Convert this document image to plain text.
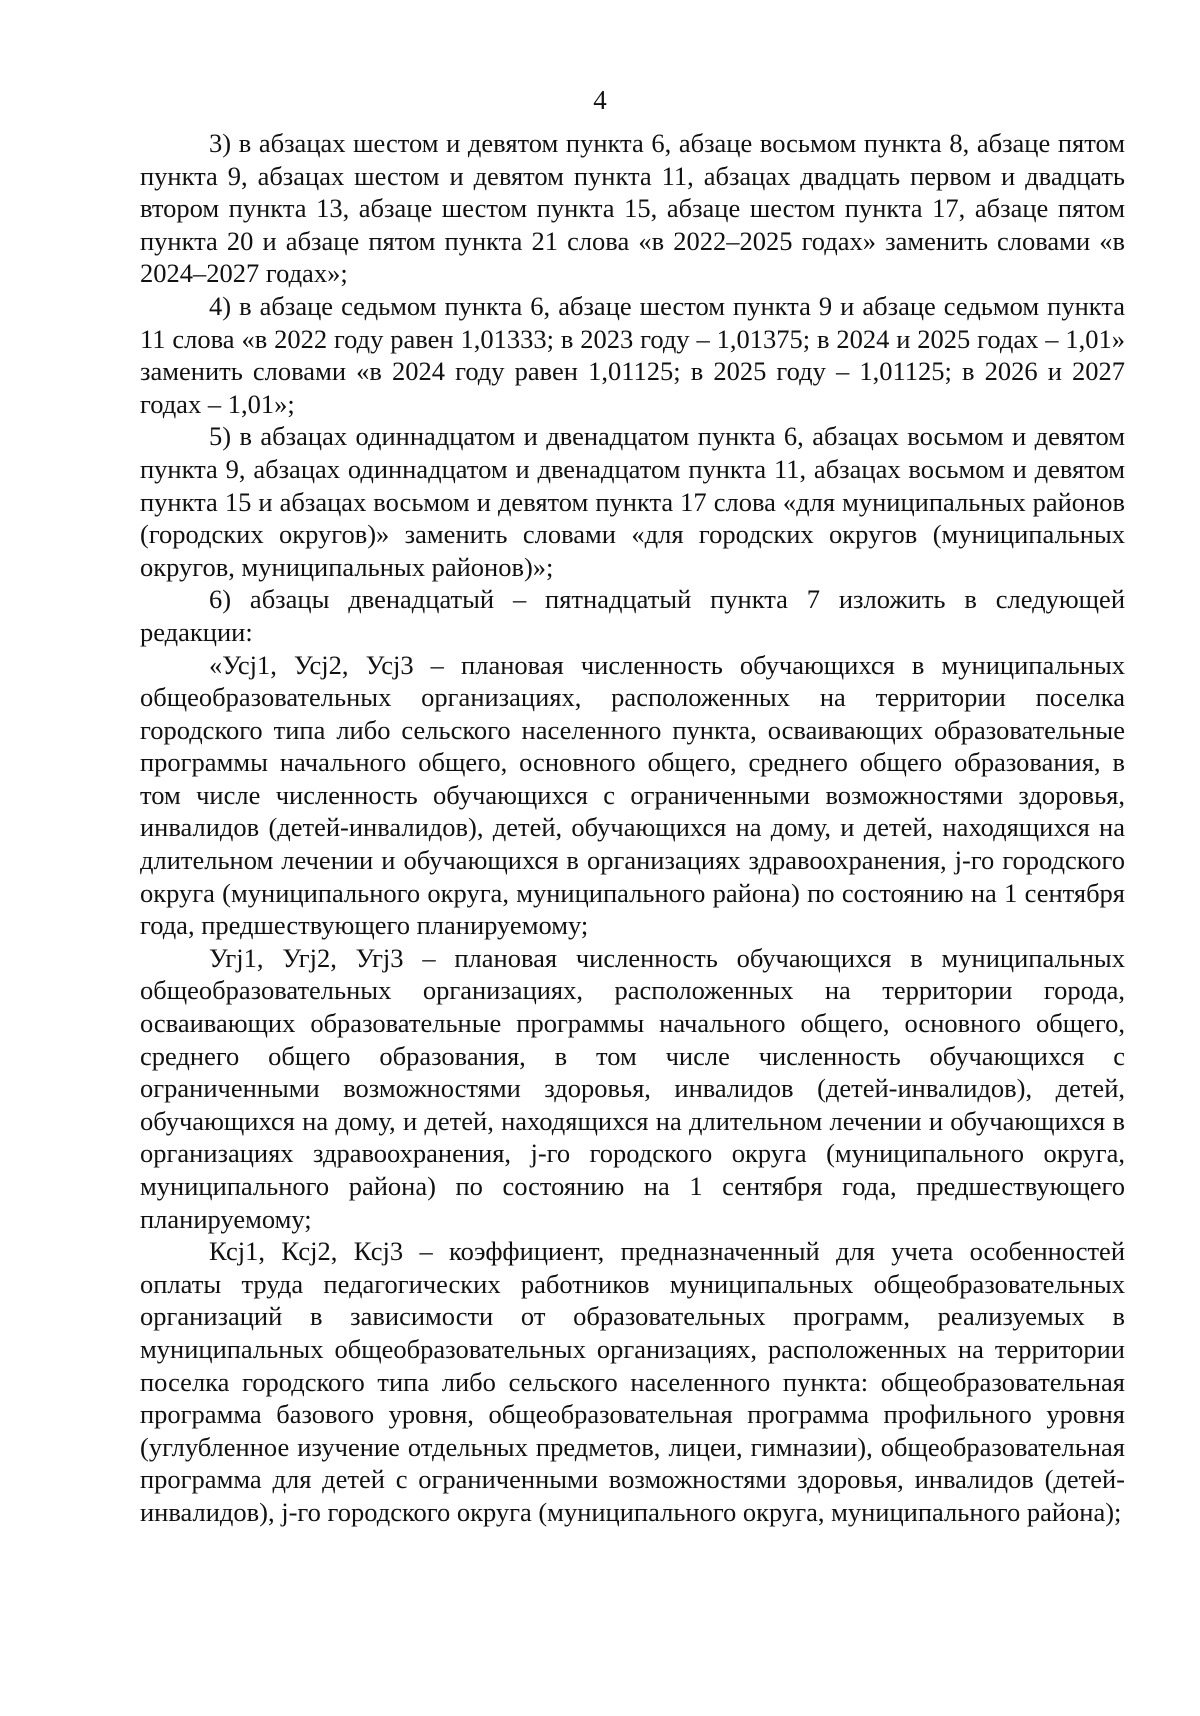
4

3) в абзацах шестом и девятом пункта 6, абзаце восьмом пункта 8, абзаце пятом пункта 9, абзацах шестом и девятом пункта 11, абзацах двадцать первом и двадцать втором пункта 13, абзаце шестом пункта 15, абзаце шестом пункта 17, абзаце пятом пункта 20 и абзаце пятом пункта 21 слова «в 2022–2025 годах» заменить словами «в 2024–2027 годах»;

4) в абзаце седьмом пункта 6, абзаце шестом пункта 9 и абзаце седьмом пункта 11 слова «в 2022 году равен 1,01333; в 2023 году – 1,01375; в 2024 и 2025 годах – 1,01» заменить словами «в 2024 году равен 1,01125; в 2025 году – 1,01125; в 2026 и 2027 годах – 1,01»;

5) в абзацах одиннадцатом и двенадцатом пункта 6, абзацах восьмом и девятом пункта 9, абзацах одиннадцатом и двенадцатом пункта 11, абзацах восьмом и девятом пункта 15 и абзацах восьмом и девятом пункта 17 слова «для муниципальных районов (городских округов)» заменить словами «для городских округов (муниципальных округов, муниципальных районов)»;

6) абзацы двенадцатый – пятнадцатый пункта 7 изложить в следующей редакции:

«Усj1, Усj2, Усj3 – плановая численность обучающихся в муниципальных общеобразовательных организациях, расположенных на территории поселка городского типа либо сельского населенного пункта, осваивающих образовательные программы начального общего, основного общего, среднего общего образования, в том числе численность обучающихся с ограниченными возможностями здоровья, инвалидов (детей-инвалидов), детей, обучающихся на дому, и детей, находящихся на длительном лечении и обучающихся в организациях здравоохранения, j-го городского округа (муниципального округа, муниципального района) по состоянию на 1 сентября года, предшествующего планируемому;

Угj1, Угj2, Угj3 – плановая численность обучающихся в муниципальных общеобразовательных организациях, расположенных на территории города, осваивающих образовательные программы начального общего, основного общего, среднего общего образования, в том числе численность обучающихся с ограниченными возможностями здоровья, инвалидов (детей-инвалидов), детей, обучающихся на дому, и детей, находящихся на длительном лечении и обучающихся в организациях здравоохранения, j-го городского округа (муниципального округа, муниципального района) по состоянию на 1 сентября года, предшествующего планируемому;

Ксj1, Ксj2, Ксj3 – коэффициент, предназначенный для учета особенностей оплаты труда педагогических работников муниципальных общеобразовательных организаций в зависимости от образовательных программ, реализуемых в муниципальных общеобразовательных организациях, расположенных на территории поселка городского типа либо сельского населенного пункта: общеобразовательная программа базового уровня, общеобразовательная программа профильного уровня (углубленное изучение отдельных предметов, лицеи, гимназии), общеобразовательная программа для детей с ограниченными возможностями здоровья, инвалидов (детей-инвалидов), j-го городского округа (муниципального округа, муниципального района);
